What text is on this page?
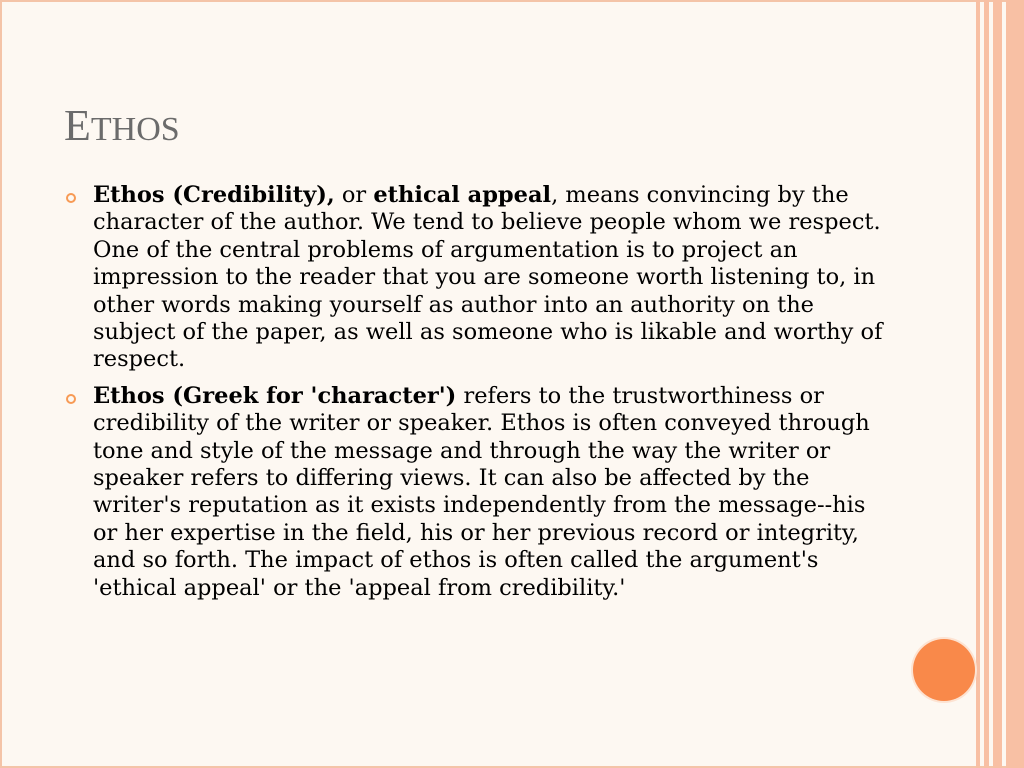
ETHOS
Ethos (Credibility), or ethical appeal, means convincing by the character of the author. We tend to believe people whom we respect. One of the central problems of argumentation is to project an impression to the reader that you are someone worth listening to, in other words making yourself as author into an authority on the subject of the paper, as well as someone who is likable and worthy of respect.
Ethos (Greek for 'character') refers to the trustworthiness or credibility of the writer or speaker. Ethos is often conveyed through tone and style of the message and through the way the writer or speaker refers to differing views. It can also be affected by the writer's reputation as it exists independently from the message--his or her expertise in the field, his or her previous record or integrity, and so forth. The impact of ethos is often called the argument's 'ethical appeal' or the 'appeal from credibility.'
